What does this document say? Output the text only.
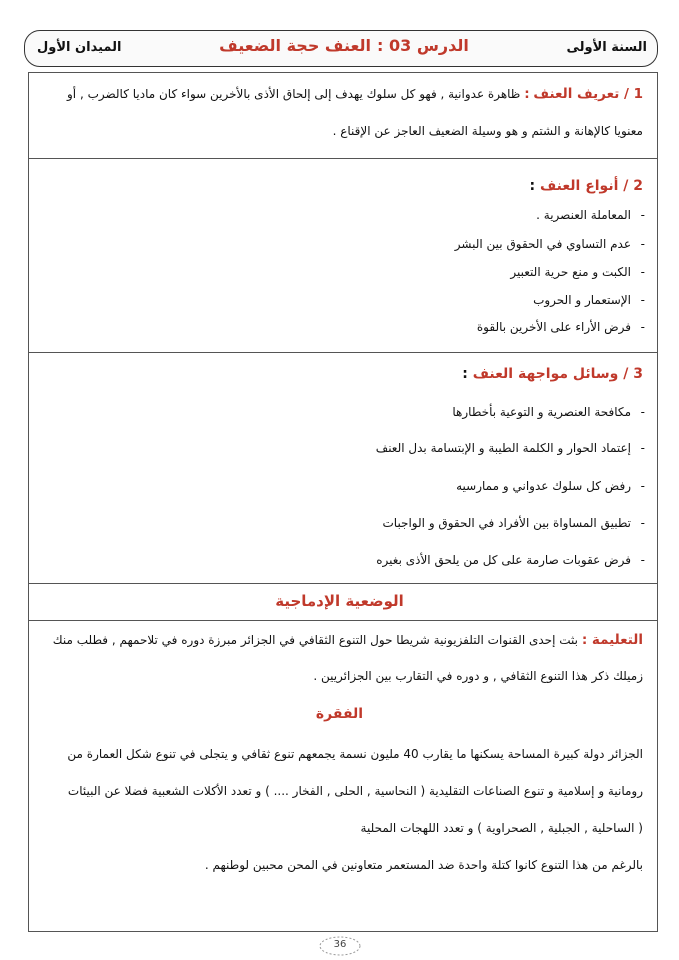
السنة الأولى
الدرس 03 :العنف حجة الضعيف
الميدان الأول
1 / تعريف العنف : ظاهرة عدوانية , فهو كل سلوك يهدف إلى إلحاق الأذى بالأخرين سواء كان ماديا كالضرب , أو
معنويا كالإهانة و الشتم و هو وسيلة الضعيف العاجز عن الإقناع .
2 / أنواع العنف :
- المعاملة العنصرية .
- عدم التساوي في الحقوق بين البشر
- الكبت و منع حرية التعبير
- الإستعمار و الحروب
- فرض الأراء على الأخرين بالقوة
3 / وسائل مواجهة العنف :
- مكافحة العنصرية و التوعية بأخطارها
- إعتماد الحوار و الكلمة الطيبة و الإبتسامة بدل العنف
- رفض كل سلوك عدواني و ممارسيه
- تطبيق المساواة بين الأفراد في الحقوق و الواجبات
- فرض عقوبات صارمة على كل من يلحق الأذى بغيره
الوضعية الإدماجية
التعليمة : بثت إحدى القنوات التلفزيونية شريطا حول التنوع الثقافي في الجزائر مبرزة دوره في تلاحمهم , فطلب منك
زميلك ذكر هذا التنوع الثقافي , و دوره في التقارب بين الجزائريين .
الفقرة
الجزائر دولة كبيرة المساحة يسكنها ما يقارب 40 مليون نسمة يجمعهم تنوع ثقافي و يتجلى في تنوع شكل العمارة من
رومانية و إسلامية و تنوع الصناعات التقليدية ( النحاسية , الحلى , الفخار .... ) و تعدد الأكلات الشعبية فضلا عن البيئات
( الساحلية , الجبلية , الصحراوية ) و تعدد اللهجات المحلية
بالرغم من هذا التنوع كانوا كتلة واحدة ضد المستعمر متعاونين في المحن محبين لوطنهم .
36
